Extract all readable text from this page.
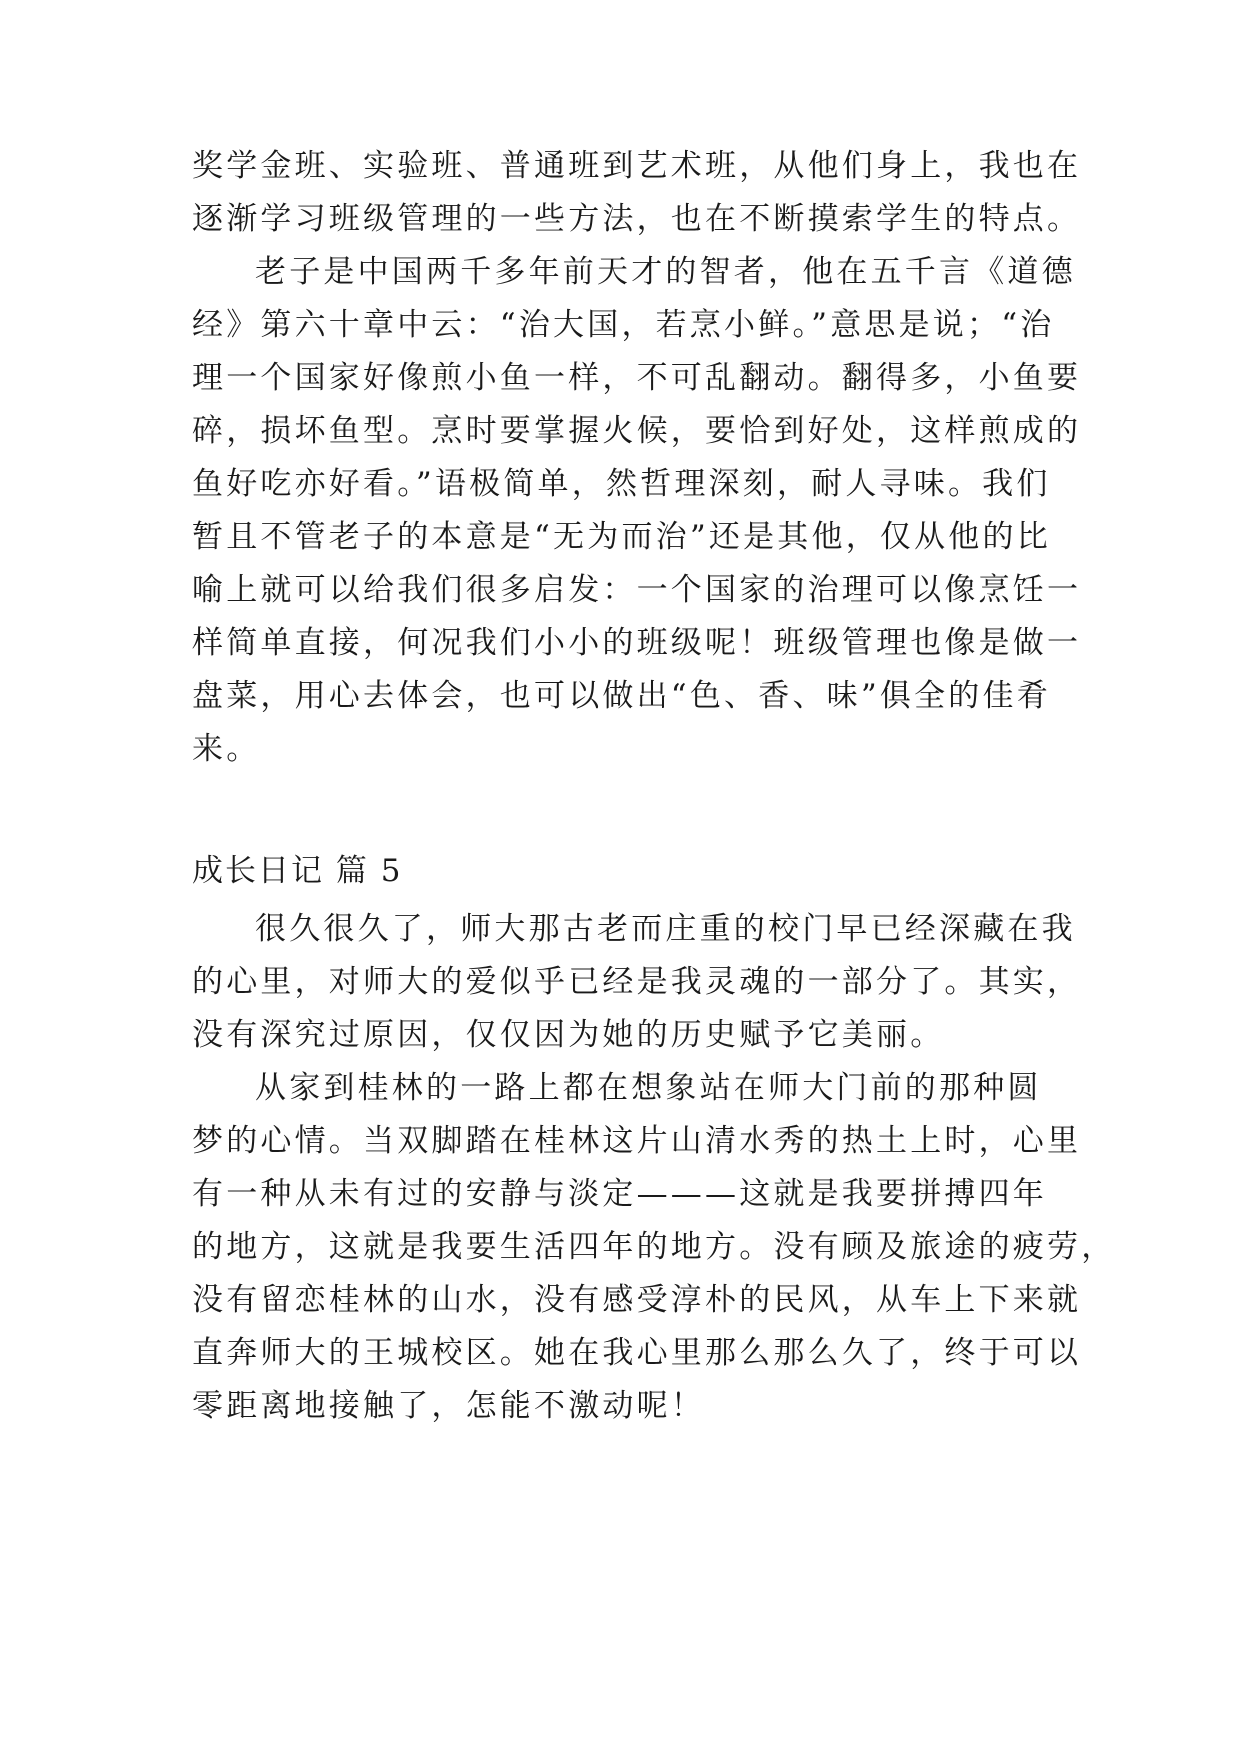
奖学金班、实验班、普通班到艺术班，从他们身上，我也在
逐渐学习班级管理的一些方法，也在不断摸索学生的特点。
老子是中国两千多年前天才的智者，他在五千言《道德
经》第六十章中云：“治大国，若烹小鲜。”意思是说；“治
理一个国家好像煎小鱼一样，不可乱翻动。翻得多，小鱼要
碎，损坏鱼型。烹时要掌握火候，要恰到好处，这样煎成的
鱼好吃亦好看。”语极简单，然哲理深刻，耐人寻味。我们
暂且不管老子的本意是“无为而治”还是其他，仅从他的比
喻上就可以给我们很多启发：一个国家的治理可以像烹饪一
样简单直接，何况我们小小的班级呢！班级管理也像是做一
盘菜，用心去体会，也可以做出“色、香、味”俱全的佳肴
来。
成长日记 篇 5
很久很久了，师大那古老而庄重的校门早已经深藏在我
的心里，对师大的爱似乎已经是我灵魂的一部分了。其实，
没有深究过原因，仅仅因为她的历史赋予它美丽。
从家到桂林的一路上都在想象站在师大门前的那种圆
梦的心情。当双脚踏在桂林这片山清水秀的热土上时，心里
有一种从未有过的安静与淡定———这就是我要拼搏四年
的地方，这就是我要生活四年的地方。没有顾及旅途的疲劳，
没有留恋桂林的山水，没有感受淳朴的民风，从车上下来就
直奔师大的王城校区。她在我心里那么那么久了，终于可以
零距离地接触了，怎能不激动呢！
